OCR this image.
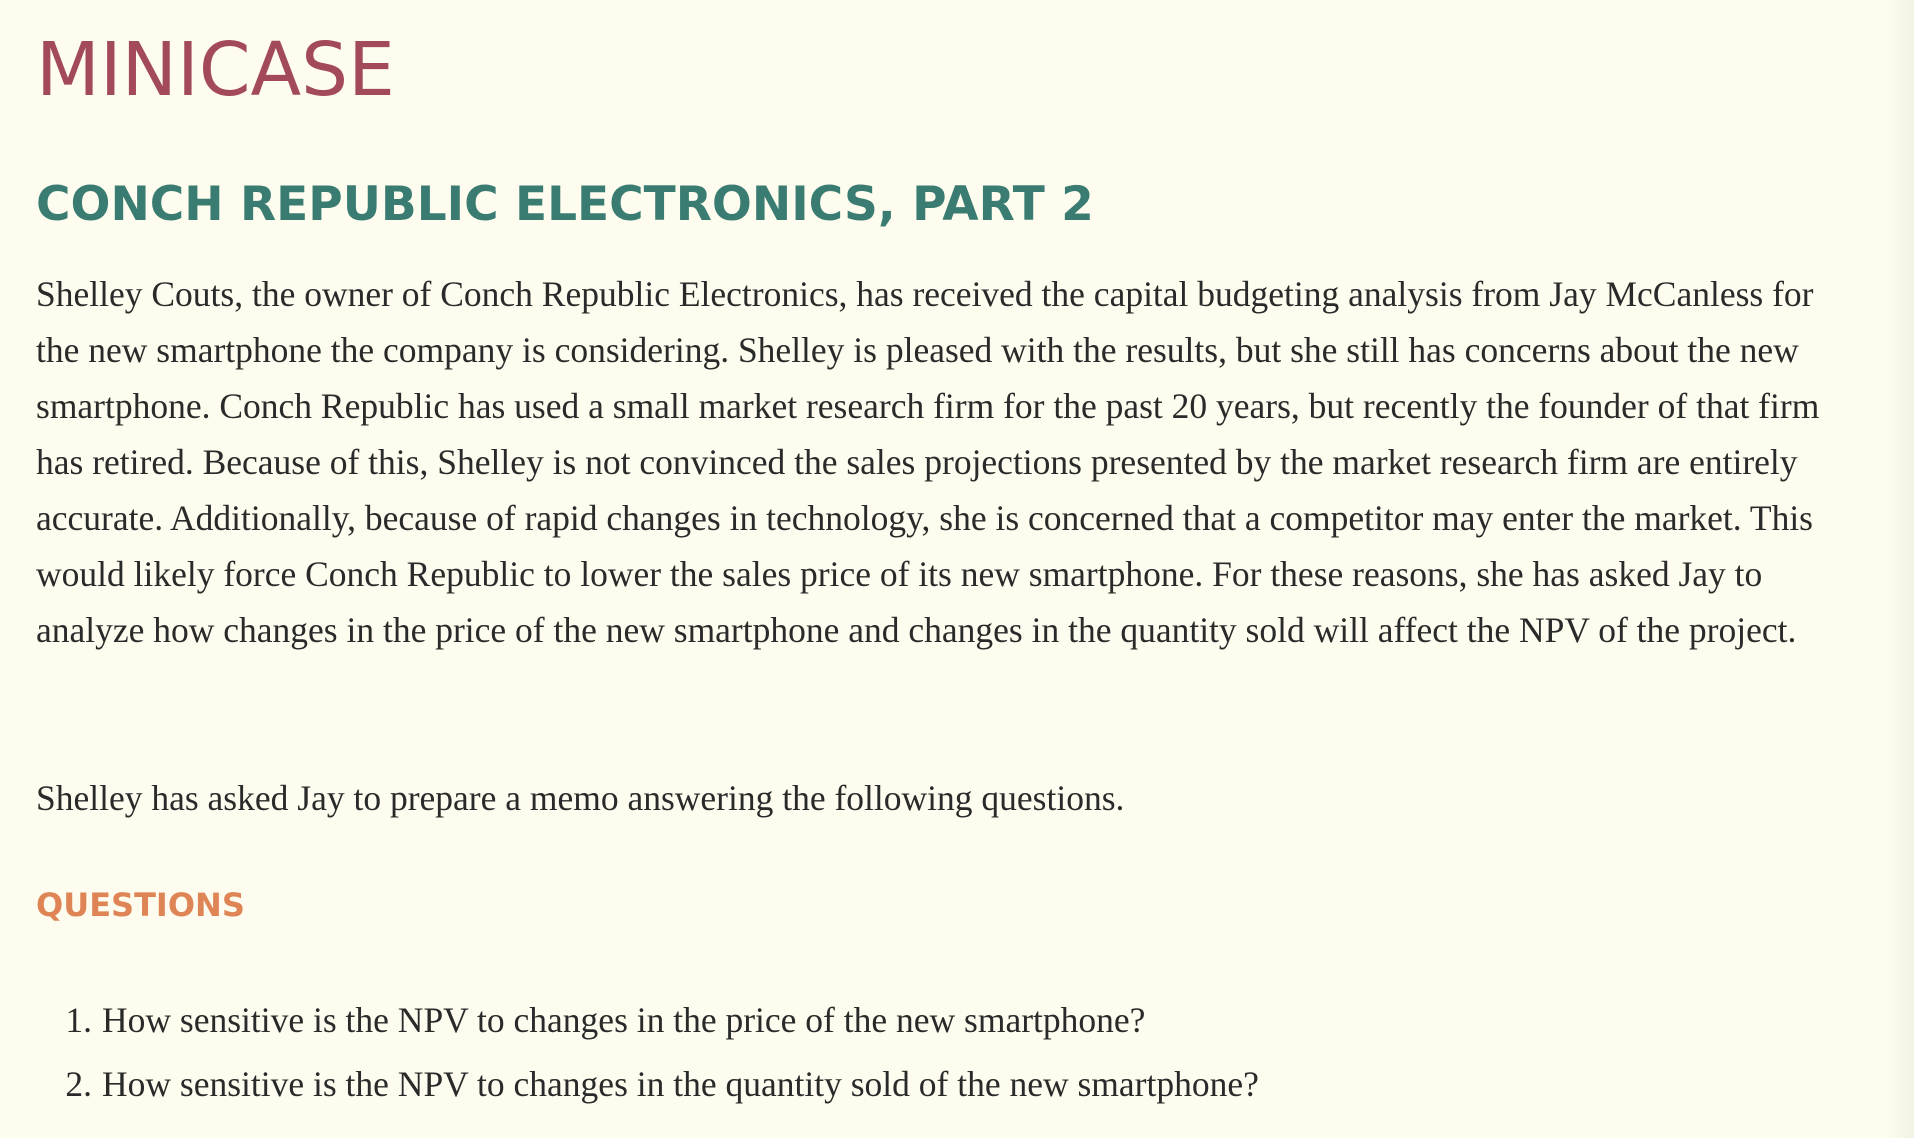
MINICASE
CONCH REPUBLIC ELECTRONICS, PART 2

Shelley Couts, the owner of Conch Republic Electronics, has received the capital budgeting analysis from Jay McCanless for the new smartphone the company is considering. Shelley is pleased with the results, but she still has concerns about the new smartphone. Conch Republic has used a small market research firm for the past 20 years, but recently the founder of that firm has retired. Because of this, Shelley is not convinced the sales projections presented by the market research firm are entirely accurate. Additionally, because of rapid changes in technology, she is concerned that a competitor may enter the market. This would likely force Conch Republic to lower the sales price of its new smartphone. For these reasons, she has asked Jay to analyze how changes in the price of the new smartphone and changes in the quantity sold will affect the NPV of the project.

Shelley has asked Jay to prepare a memo answering the following questions.

QUESTIONS
1. How sensitive is the NPV to changes in the price of the new smartphone?
2. How sensitive is the NPV to changes in the quantity sold of the new smartphone?
